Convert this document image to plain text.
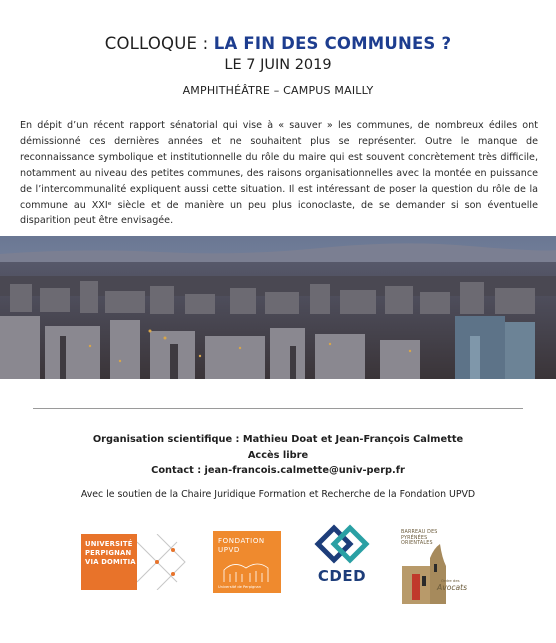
COLLOQUE : LA FIN DES COMMUNES ?
LE 7 JUIN 2019
AMPHITHÉÂTRE – CAMPUS MAILLY

En dépit d’un récent rapport sénatorial qui vise à « sauver » les communes, de nombreux édiles ont démissionné ces dernières années et ne souhaitent plus se représenter. Outre le manque de reconnaissance symbolique et institutionnelle du rôle du maire qui est souvent concrètement très difficile, notamment au niveau des petites communes, des raisons organisationnelles avec la montée en puissance de l’intercommunalité expliquent aussi cette situation. Il est intéressant de poser la question du rôle de la commune au XXIᵉ siècle et de manière un peu plus iconoclaste, de se demander si son éventuelle disparition peut être envisagée.

Organisation scientifique : Mathieu Doat et Jean-François Calmette
Accès libre
Contact : jean-francois.calmette@univ-perp.fr
Avec le soutien de la Chaire Juridique Formation et Recherche de la Fondation UPVD
UNIVERSITÉ PERPIGNAN VIA DOMITIA
FONDATION UPVD
Université de Perpignan
CDED
BARREAU DES PYRÉNÉES ORIENTALES
Ordre des
Avocats
